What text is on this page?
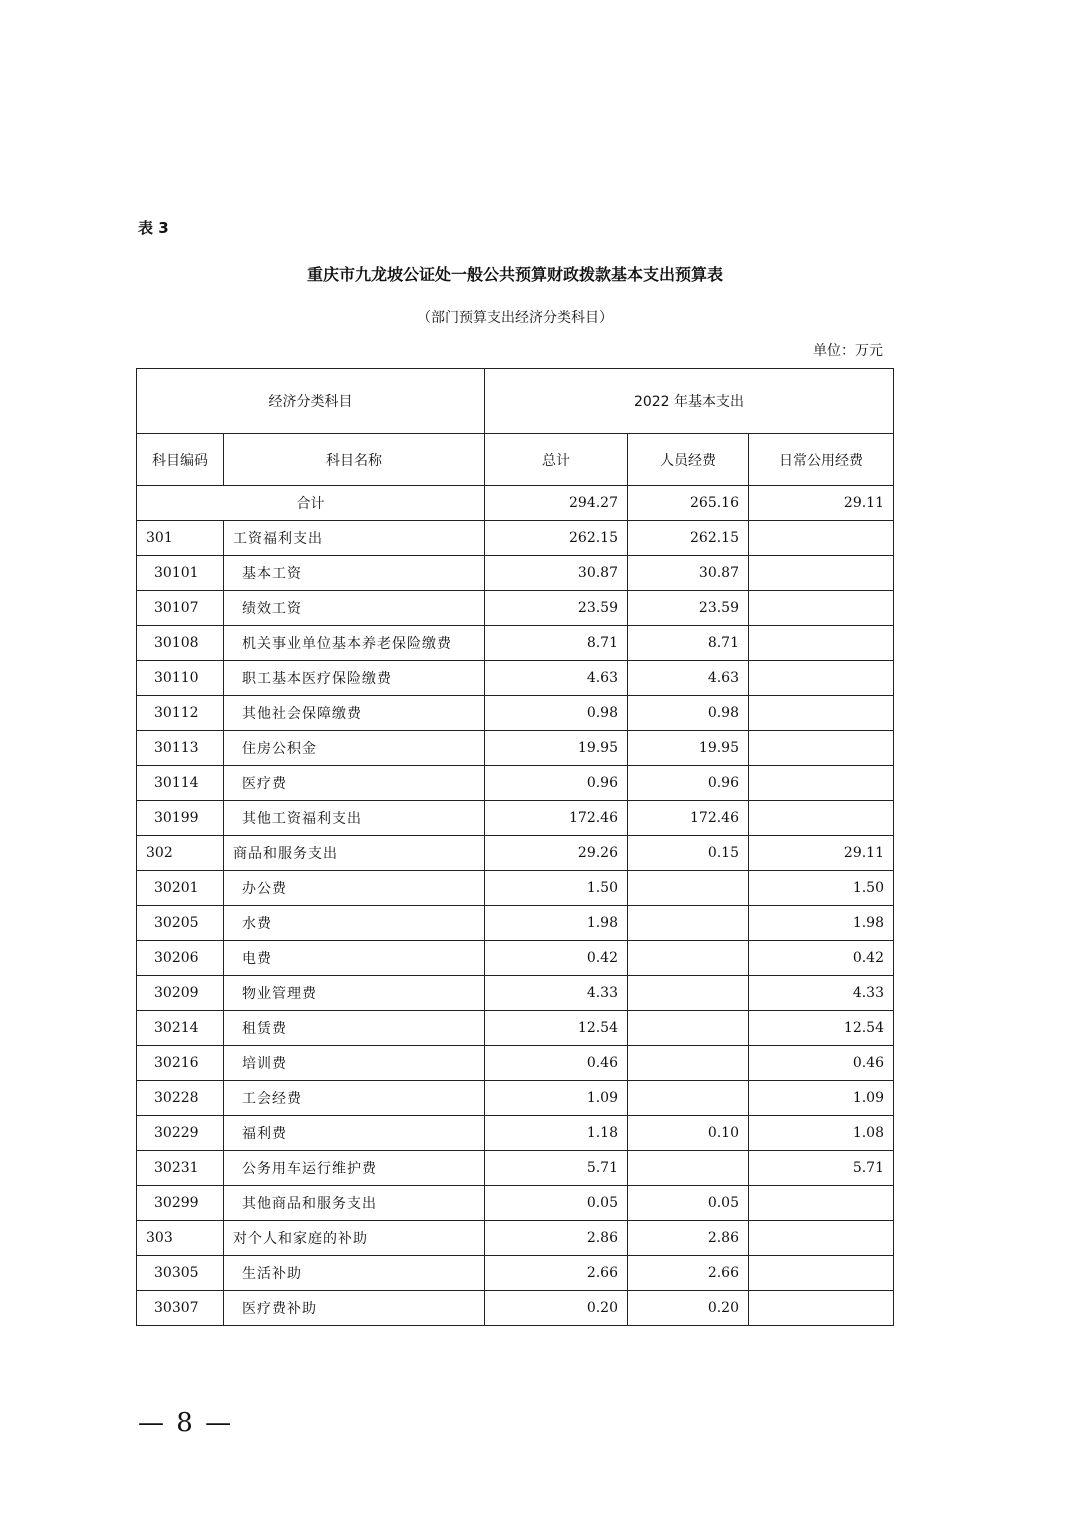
表 3
重庆市九龙坡公证处一般公共预算财政拨款基本支出预算表
（部门预算支出经济分类科目）
单位：万元
经济分类科目		2022 年基本支出		
科目编码	科目名称	总计	人员经费	日常公用经费
合计		294.27	265.16	29.11
301	工资福利支出	262.15	262.15	
30101	基本工资	30.87	30.87	
30107	绩效工资	23.59	23.59	
30108	机关事业单位基本养老保险缴费	8.71	8.71	
30110	职工基本医疗保险缴费	4.63	4.63	
30112	其他社会保障缴费	0.98	0.98	
30113	住房公积金	19.95	19.95	
30114	医疗费	0.96	0.96	
30199	其他工资福利支出	172.46	172.46	
302	商品和服务支出	29.26	0.15	29.11
30201	办公费	1.50		1.50
30205	水费	1.98		1.98
30206	电费	0.42		0.42
30209	物业管理费	4.33		4.33
30214	租赁费	12.54		12.54
30216	培训费	0.46		0.46
30228	工会经费	1.09		1.09
30229	福利费	1.18	0.10	1.08
30231	公务用车运行维护费	5.71		5.71
30299	其他商品和服务支出	0.05	0.05	
303	对个人和家庭的补助	2.86	2.86	
30305	生活补助	2.66	2.66	
30307	医疗费补助	0.20	0.20	
— 8 —
